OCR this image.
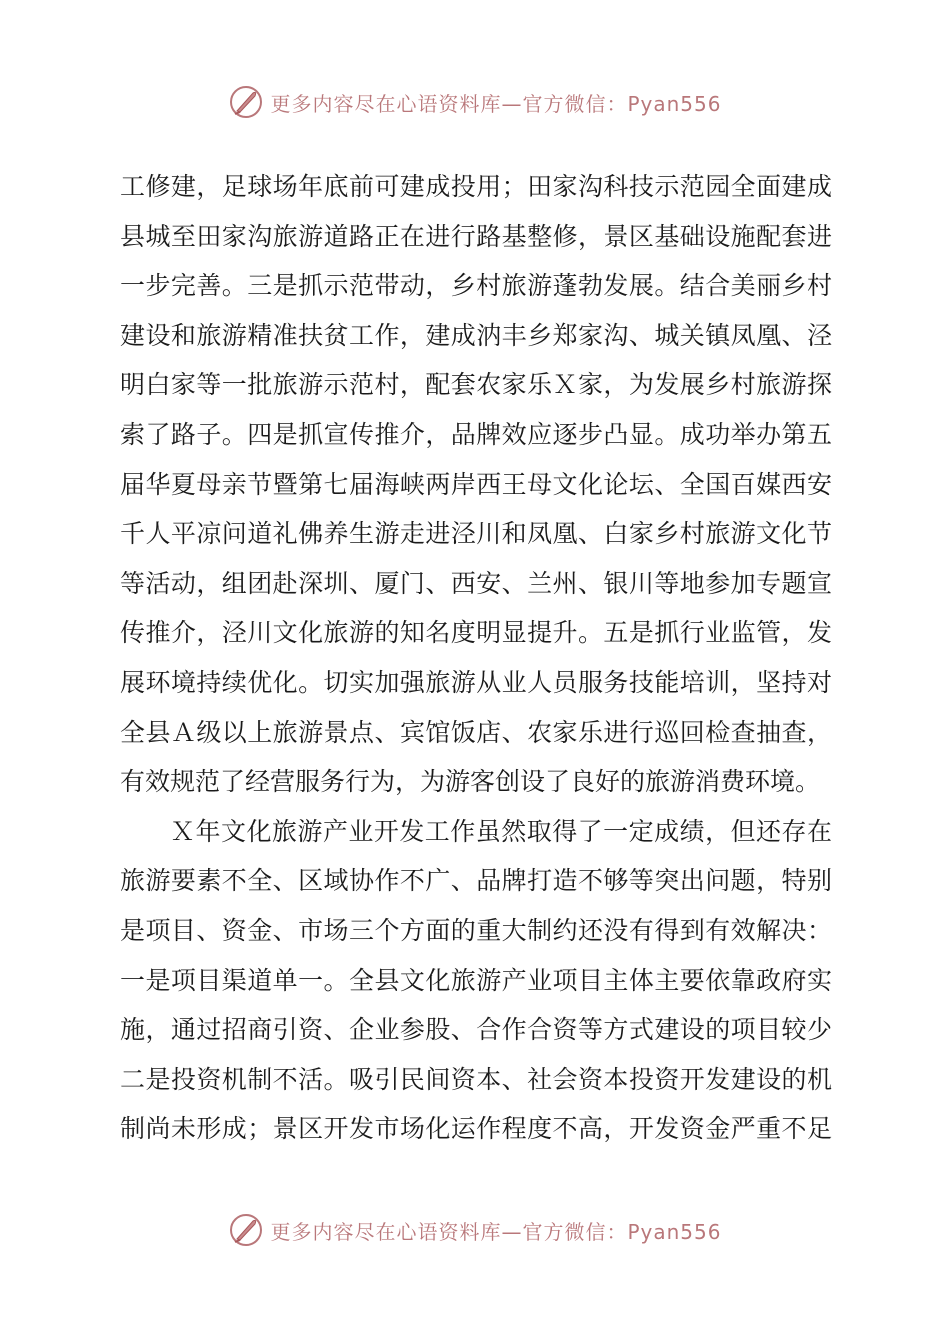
更多内容尽在心语资料库—官方微信：Pyan556
工修建，足球场年底前可建成投用；田家沟科技示范园全面建成
县城至田家沟旅游道路正在进行路基整修，景区基础设施配套进
一步完善。三是抓示范带动，乡村旅游蓬勃发展。结合美丽乡村
建设和旅游精准扶贫工作，建成汭丰乡郑家沟、城关镇凤凰、泾
明白家等一批旅游示范村，配套农家乐Ｘ家，为发展乡村旅游探
索了路子。四是抓宣传推介，品牌效应逐步凸显。成功举办第五
届华夏母亲节暨第七届海峡两岸西王母文化论坛、全国百媒西安
千人平凉问道礼佛养生游走进泾川和凤凰、白家乡村旅游文化节
等活动，组团赴深圳、厦门、西安、兰州、银川等地参加专题宣
传推介，泾川文化旅游的知名度明显提升。五是抓行业监管，发
展环境持续优化。切实加强旅游从业人员服务技能培训，坚持对
全县Ａ级以上旅游景点、宾馆饭店、农家乐进行巡回检查抽查，
有效规范了经营服务行为，为游客创设了良好的旅游消费环境。
Ｘ年文化旅游产业开发工作虽然取得了一定成绩，但还存在
旅游要素不全、区域协作不广、品牌打造不够等突出问题，特别
是项目、资金、市场三个方面的重大制约还没有得到有效解决：
一是项目渠道单一。全县文化旅游产业项目主体主要依靠政府实
施，通过招商引资、企业参股、合作合资等方式建设的项目较少
二是投资机制不活。吸引民间资本、社会资本投资开发建设的机
制尚未形成；景区开发市场化运作程度不高，开发资金严重不足
更多内容尽在心语资料库—官方微信：Pyan556
